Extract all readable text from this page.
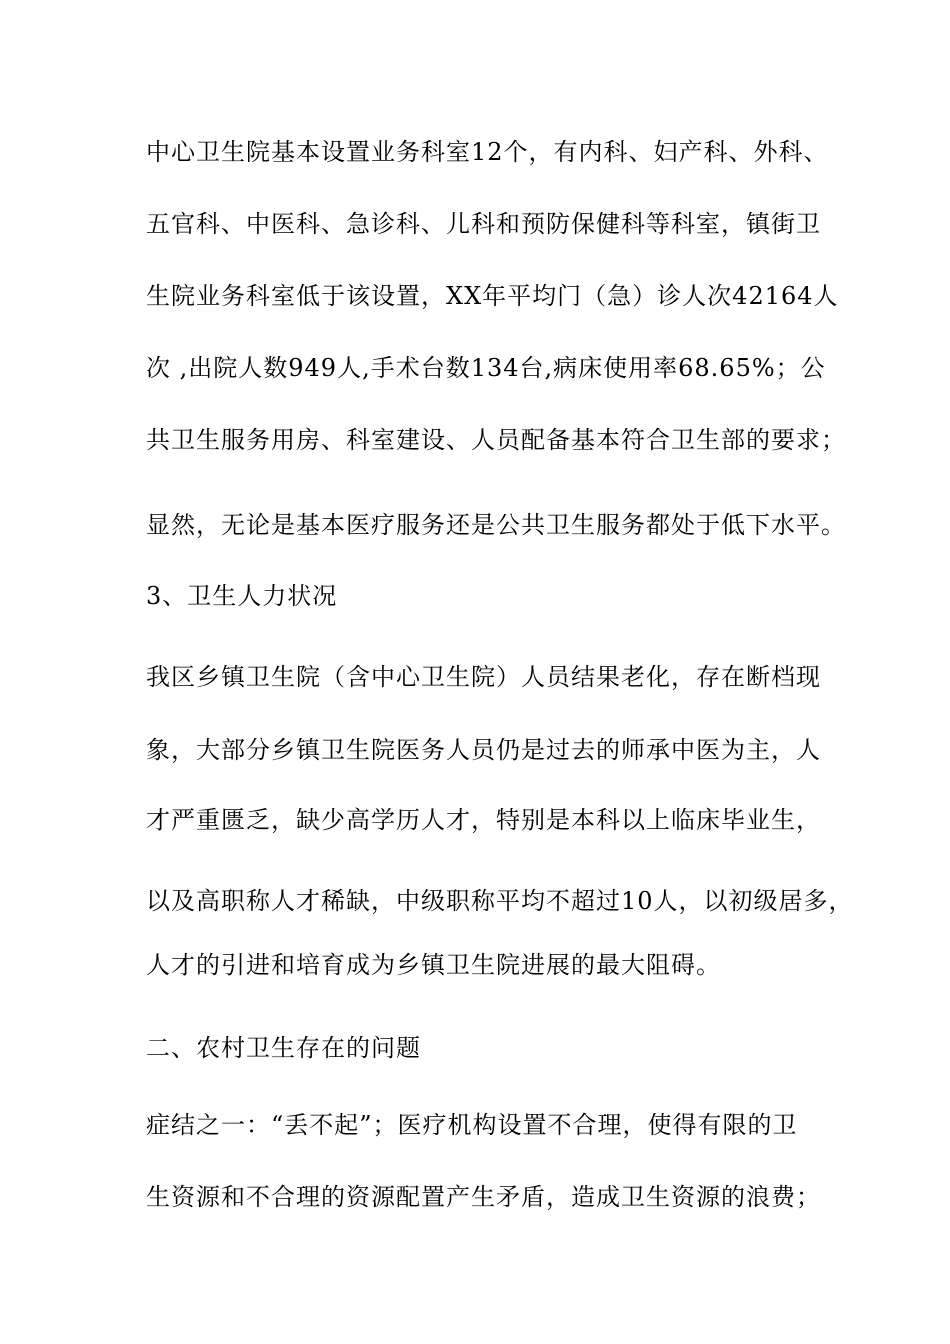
中心卫生院基本设置业务科室12个，有内科、妇产科、外科、
五官科、中医科、急诊科、儿科和预防保健科等科室，镇街卫
生院业务科室低于该设置，XX年平均门（急）诊人次42164人
次 ,出院人数949人,手术台数134台,病床使用率68.65%；公
共卫生服务用房、科室建设、人员配备基本符合卫生部的要求；
显然，无论是基本医疗服务还是公共卫生服务都处于低下水平。
3、卫生人力状况
我区乡镇卫生院（含中心卫生院）人员结果老化，存在断档现
象，大部分乡镇卫生院医务人员仍是过去的师承中医为主，人
才严重匮乏，缺少高学历人才，特别是本科以上临床毕业生，
以及高职称人才稀缺，中级职称平均不超过10人，以初级居多，
人才的引进和培育成为乡镇卫生院进展的最大阻碍。
二、农村卫生存在的问题
症结之一：“丢不起”；医疗机构设置不合理，使得有限的卫
生资源和不合理的资源配置产生矛盾，造成卫生资源的浪费；
